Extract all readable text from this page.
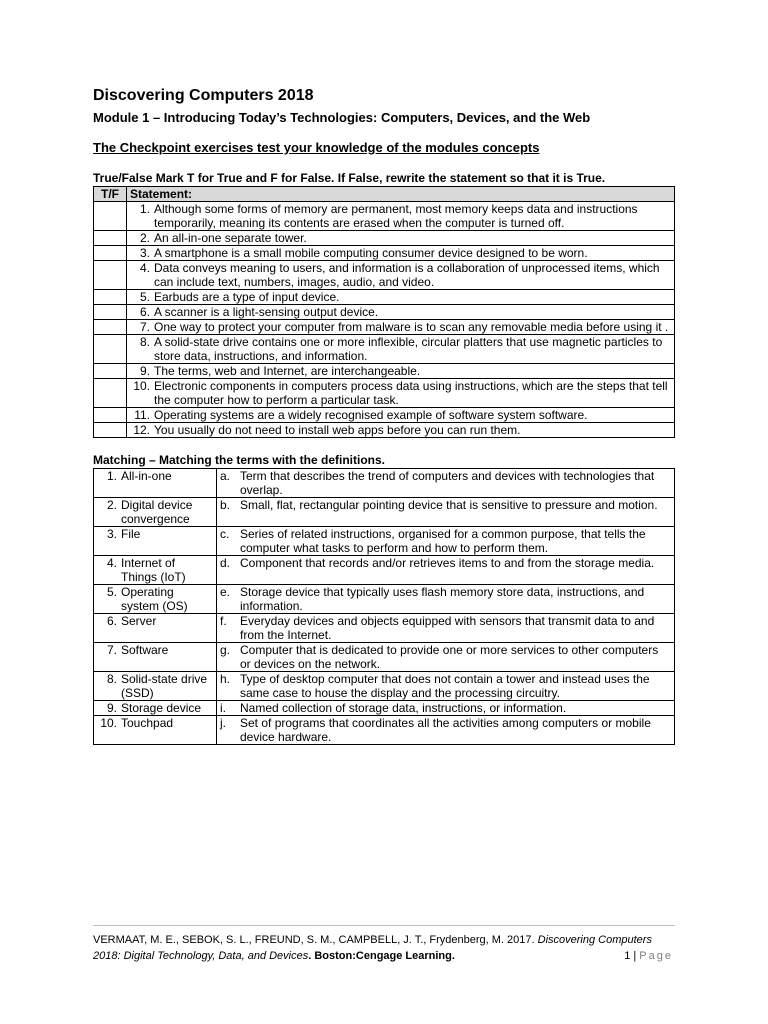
Discovering Computers 2018
Module 1 – Introducing Today’s Technologies: Computers, Devices, and the Web
The Checkpoint exercises test your knowledge of the modules concepts
True/False Mark T for True and F for False. If False, rewrite the statement so that it is True.
T/F	Statement:

	1. Although some forms of memory are permanent, most memory keeps data and instructions temporarily, meaning its contents are erased when the computer is turned off.

	2. An all-in-one separate tower.

	3. A smartphone is a small mobile computing consumer device designed to be worn.

	4. Data conveys meaning to users, and information is a collaboration of unprocessed items, which can include text, numbers, images, audio, and video.

	5. Earbuds are a type of input device.

	6. A scanner is a light-sensing output device.

	7. One way to protect your computer from malware is to scan any removable media before using it .

	8. A solid-state drive contains one or more inflexible, circular platters that use magnetic particles to store data, instructions, and information.

	9. The terms, web and Internet, are interchangeable.

	10. Electronic components in computers process data using instructions, which are the steps that tell the computer how to perform a particular task.

	11. Operating systems are a widely recognised example of software system software.

	12. You usually do not need to install web apps before you can run them.
Matching – Matching the terms with the definitions.
1. All-in-one	a. Term that describes the trend of computers and devices with technologies that overlap.

2. Digital device convergence	b. Small, flat, rectangular pointing device that is sensitive to pressure and motion.

3. File	c. Series of related instructions, organised for a common purpose, that tells the computer what tasks to perform and how to perform them.

4. Internet of Things (IoT)	d. Component that records and/or retrieves items to and from the storage media.

5. Operating system (OS)	e. Storage device that typically uses flash memory store data, instructions, and information.

6. Server	f. Everyday devices and objects equipped with sensors that transmit data to and from the Internet.

7. Software	g. Computer that is dedicated to provide one or more services to other computers or devices on the network.

8. Solid-state drive (SSD)	h. Type of desktop computer that does not contain a tower and instead uses the same case to house the display and the processing circuitry.

9. Storage device	i. Named collection of storage data, instructions, or information.

10. Touchpad	j. Set of programs that coordinates all the activities among computers or mobile device hardware.
VERMAAT, M. E., SEBOK, S. L., FREUND, S. M., CAMPBELL, J. T., Frydenberg, M. 2017. Discovering Computers 2018: Digital Technology, Data, and Devices. Boston:Cengage Learning.	1 | Page
